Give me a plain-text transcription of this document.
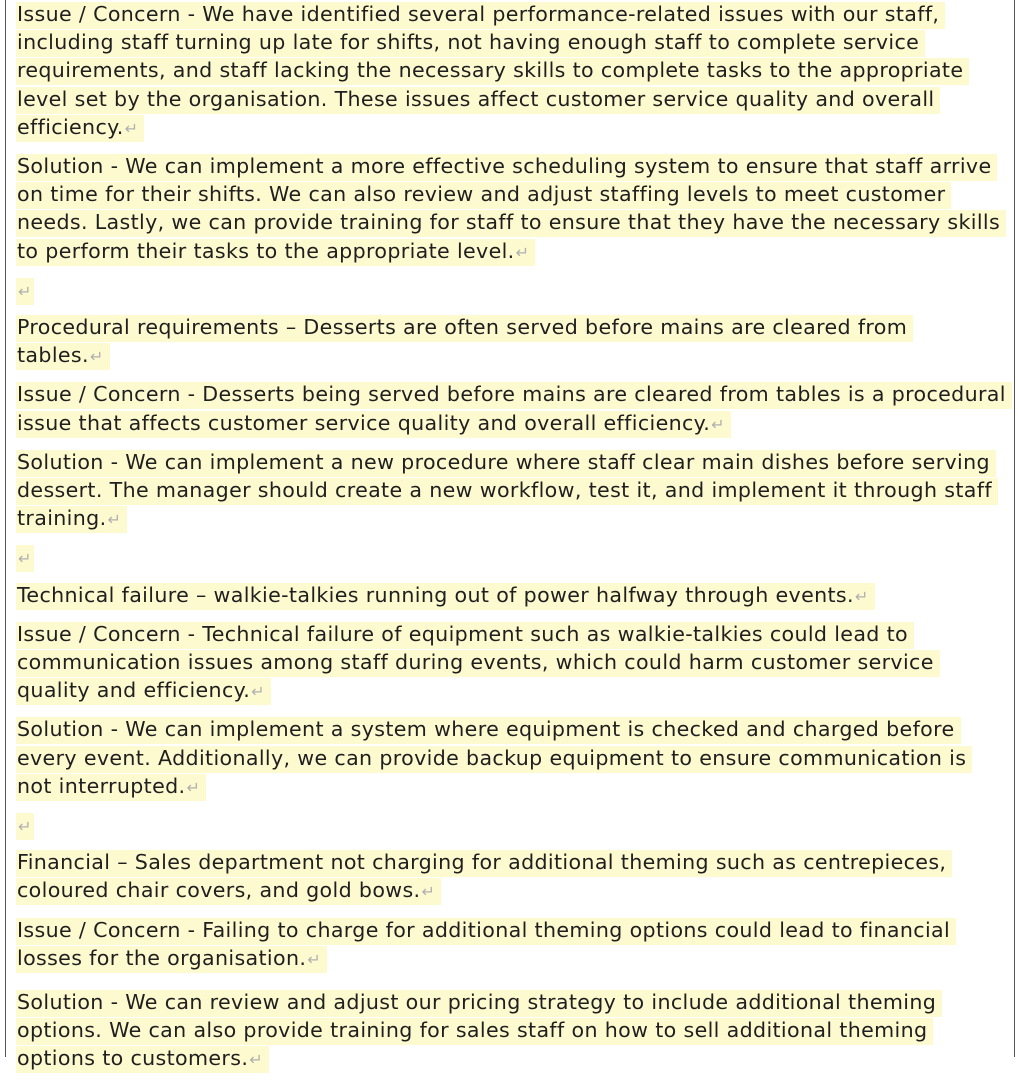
Issue / Concern - We have identified several performance-related issues with our staff, including staff turning up late for shifts, not having enough staff to complete service requirements, and staff lacking the necessary skills to complete tasks to the appropriate level set by the organisation. These issues affect customer service quality and overall efficiency.↵

Solution - We can implement a more effective scheduling system to ensure that staff arrive on time for their shifts. We can also review and adjust staffing levels to meet customer needs. Lastly, we can provide training for staff to ensure that they have the necessary skills to perform their tasks to the appropriate level.↵

↵

Procedural requirements – Desserts are often served before mains are cleared from tables.↵

Issue / Concern - Desserts being served before mains are cleared from tables is a procedural issue that affects customer service quality and overall efficiency.↵

Solution - We can implement a new procedure where staff clear main dishes before serving dessert. The manager should create a new workflow, test it, and implement it through staff training.↵

↵

Technical failure – walkie-talkies running out of power halfway through events.↵

Issue / Concern - Technical failure of equipment such as walkie-talkies could lead to communication issues among staff during events, which could harm customer service quality and efficiency.↵

Solution - We can implement a system where equipment is checked and charged before every event. Additionally, we can provide backup equipment to ensure communication is not interrupted.↵

↵

Financial – Sales department not charging for additional theming such as centrepieces, coloured chair covers, and gold bows.↵

Issue / Concern - Failing to charge for additional theming options could lead to financial losses for the organisation.↵

Solution - We can review and adjust our pricing strategy to include additional theming options. We can also provide training for sales staff on how to sell additional theming options to customers.↵
